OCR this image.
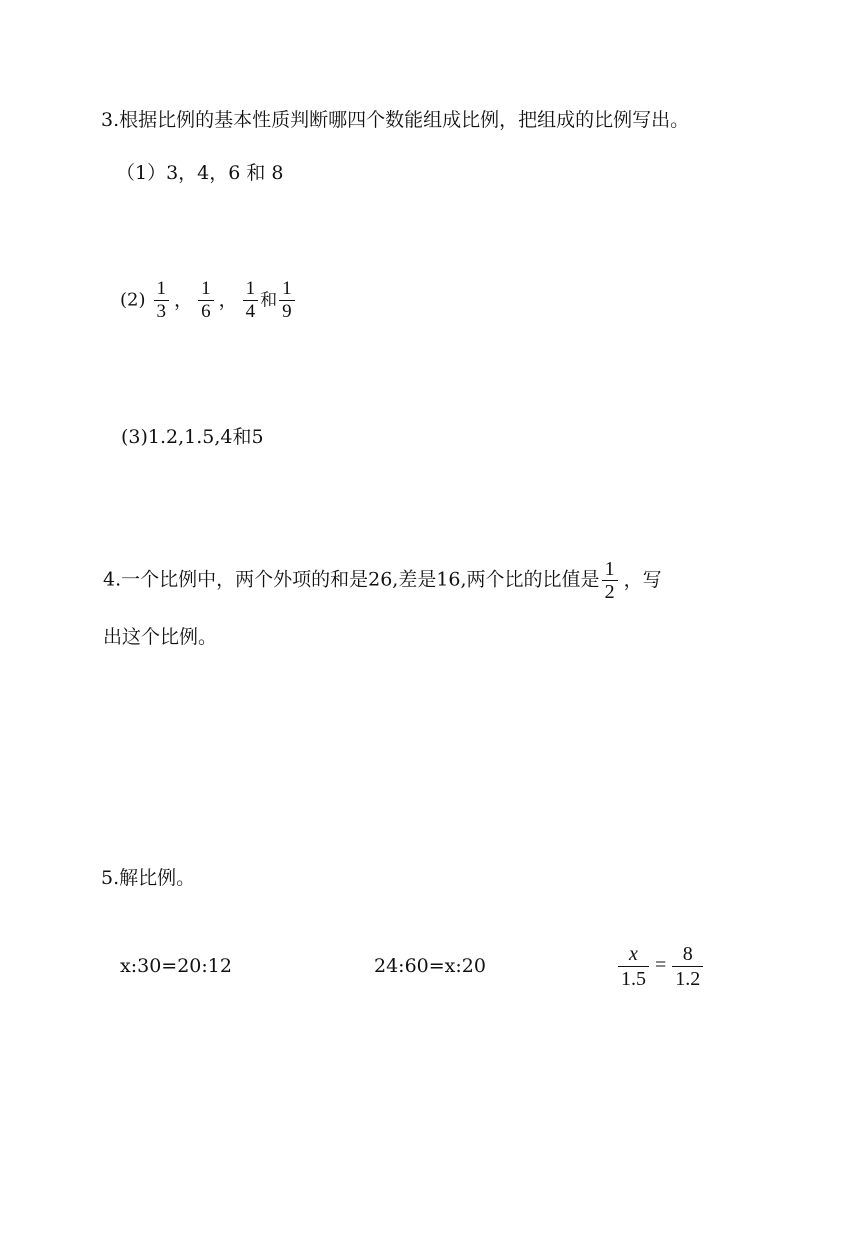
3.根据比例的基本性质判断哪四个数能组成比例，把组成的比例写出。
（1）3，4，6 和 8
$(2) \frac{1}{3}$ ， $\frac{1}{6}$ ， $\frac{1}{4}$ 和 $\frac{1}{9}$
(3)1.2,1.5,4和5
4.一个比例中，两个外项的和是26,差是16,两个比的比值是 $\frac{1}{2}$ ，写
出这个比例。
5.解比例。
x:30=20:12	24:60=x:20	$\frac{x}{1.5} = \frac{8}{1.2}$
